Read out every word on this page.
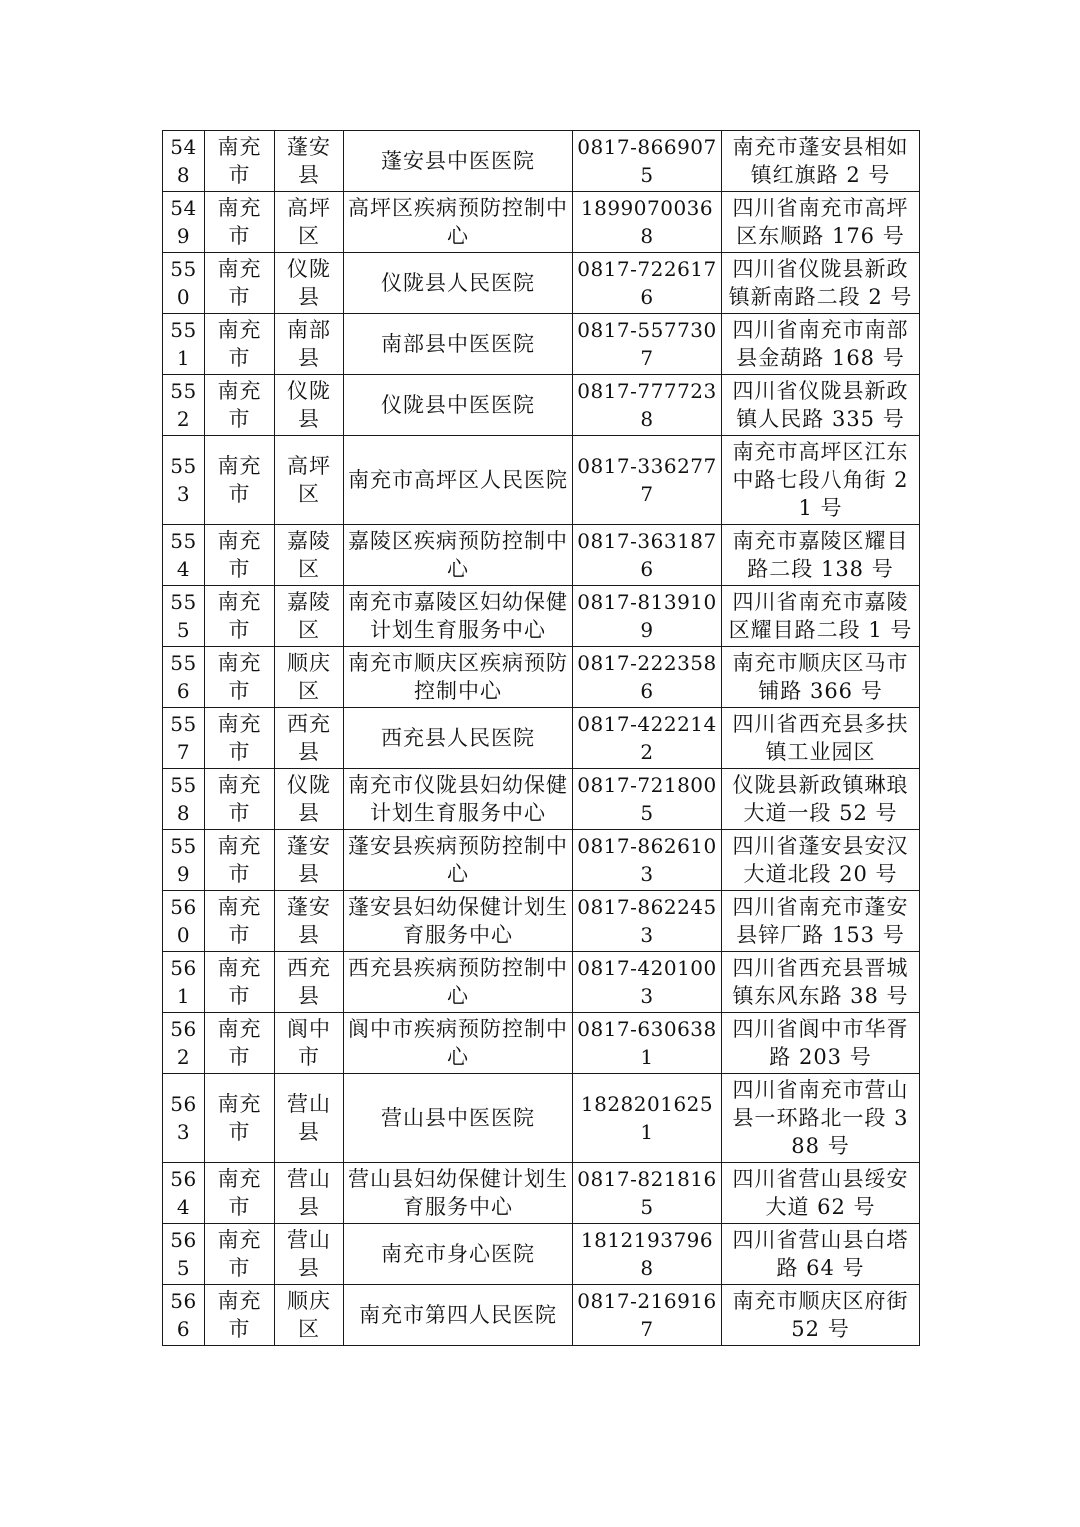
548	南充市	蓬安县	蓬安县中医医院	0817-8669075	南充市蓬安县相如镇红旗路 2 号
549	南充市	高坪区	高坪区疾病预防控制中心	18990700368	四川省南充市高坪区东顺路 176 号
550	南充市	仪陇县	仪陇县人民医院	0817-7226176	四川省仪陇县新政镇新南路二段 2 号
551	南充市	南部县	南部县中医医院	0817-5577307	四川省南充市南部县金葫路 168 号
552	南充市	仪陇县	仪陇县中医医院	0817-7777238	四川省仪陇县新政镇人民路 335 号
553	南充市	高坪区	南充市高坪区人民医院	0817-3362777	南充市高坪区江东中路七段八角街 21 号
554	南充市	嘉陵区	嘉陵区疾病预防控制中心	0817-3631876	南充市嘉陵区耀目路二段 138 号
555	南充市	嘉陵区	南充市嘉陵区妇幼保健计划生育服务中心	0817-8139109	四川省南充市嘉陵区耀目路二段 1 号
556	南充市	顺庆区	南充市顺庆区疾病预防控制中心	0817-2223586	南充市顺庆区马市铺路 366 号
557	南充市	西充县	西充县人民医院	0817-4222142	四川省西充县多扶镇工业园区
558	南充市	仪陇县	南充市仪陇县妇幼保健计划生育服务中心	0817-7218005	仪陇县新政镇琳琅大道一段 52 号
559	南充市	蓬安县	蓬安县疾病预防控制中心	0817-8626103	四川省蓬安县安汉大道北段 20 号
560	南充市	蓬安县	蓬安县妇幼保健计划生育服务中心	0817-8622453	四川省南充市蓬安县锌厂路 153 号
561	南充市	西充县	西充县疾病预防控制中心	0817-4201003	四川省西充县晋城镇东风东路 38 号
562	南充市	阆中市	阆中市疾病预防控制中心	0817-6306381	四川省阆中市华胥路 203 号
563	南充市	营山县	营山县中医医院	18282016251	四川省南充市营山县一环路北一段 388 号
564	南充市	营山县	营山县妇幼保健计划生育服务中心	0817-8218165	四川省营山县绥安大道 62 号
565	南充市	营山县	南充市身心医院	18121937968	四川省营山县白塔路 64 号
566	南充市	顺庆区	南充市第四人民医院	0817-2169167	南充市顺庆区府街 52 号
